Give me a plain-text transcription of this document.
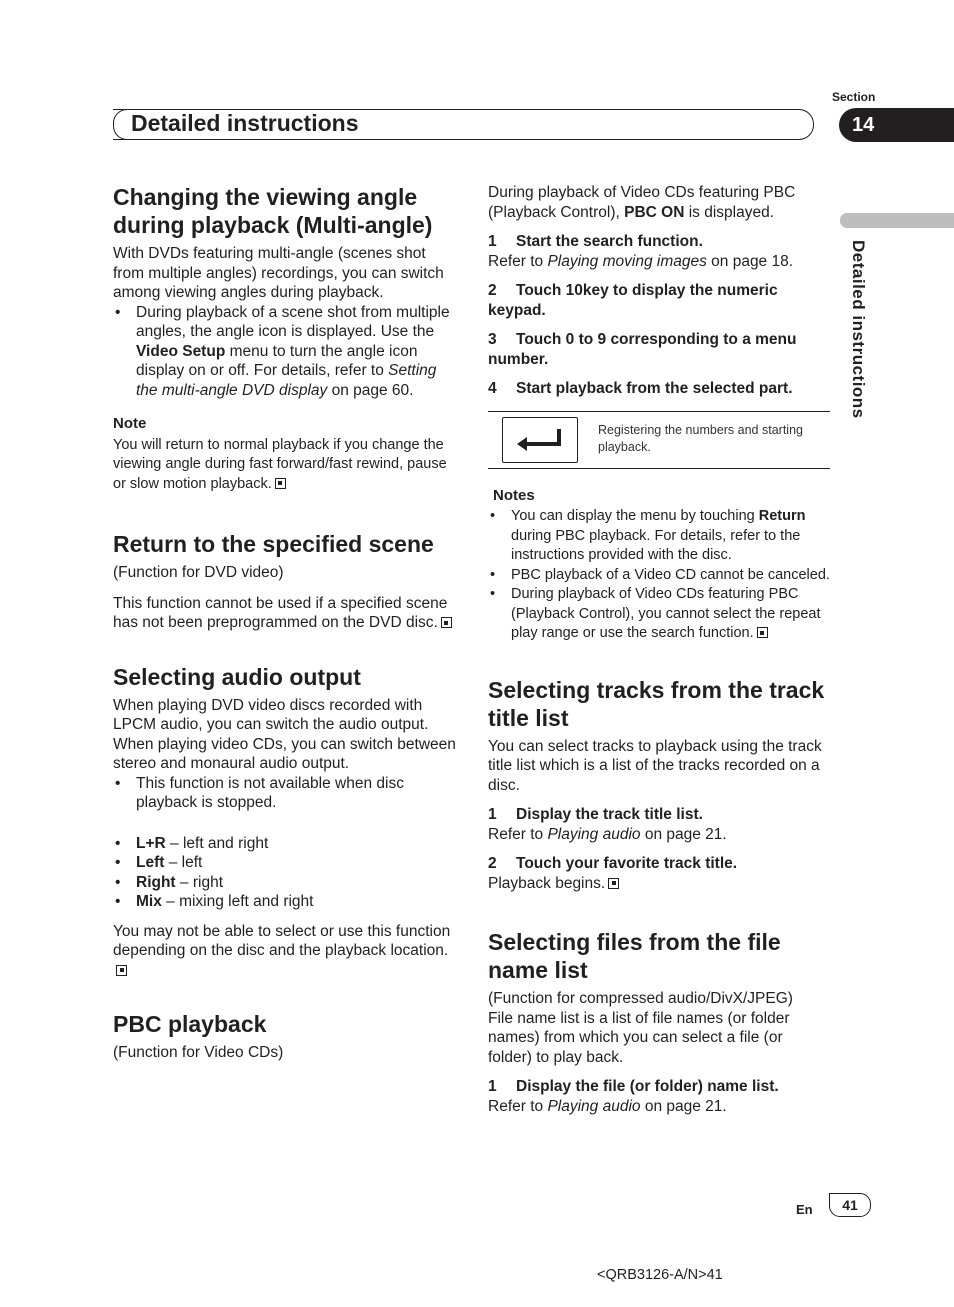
Section
Detailed instructions	14
Detailed instructions
Changing the viewing angle during playback (Multi-angle)

With DVDs featuring multi-angle (scenes shot from multiple angles) recordings, you can switch among viewing angles during playback.

• During playback of a scene shot from multiple angles, the angle icon is displayed. Use the Video Setup menu to turn the angle icon display on or off. For details, refer to Setting the multi-angle DVD display on page 60.

Note

You will return to normal playback if you change the viewing angle during fast forward/fast rewind, pause or slow motion playback.

Return to the specified scene

(Function for DVD video)

This function cannot be used if a specified scene has not been preprogrammed on the DVD disc.

Selecting audio output

When playing DVD video discs recorded with LPCM audio, you can switch the audio output. When playing video CDs, you can switch between stereo and monaural audio output.

• This function is not available when disc playback is stopped.

• L+R – left and right

• Left – left

• Right – right

• Mix – mixing left and right

You may not be able to select or use this function depending on the disc and the playback location.

PBC playback

(Function for Video CDs)

During playback of Video CDs featuring PBC (Playback Control), PBC ON is displayed.

1 Start the search function.

Refer to Playing moving images on page 18.

2 Touch 10key to display the numeric keypad.

3 Touch 0 to 9 corresponding to a menu number.

4 Start playback from the selected part.

Registering the numbers and starting playback.

Notes

• You can display the menu by touching Return during PBC playback. For details, refer to the instructions provided with the disc.

• PBC playback of a Video CD cannot be canceled.

• During playback of Video CDs featuring PBC (Playback Control), you cannot select the repeat play range or use the search function.

Selecting tracks from the track title list

You can select tracks to playback using the track title list which is a list of the tracks recorded on a disc.

1 Display the track title list.

Refer to Playing audio on page 21.

2 Touch your favorite track title.

Playback begins.

Selecting files from the file name list

(Function for compressed audio/DivX/JPEG)

File name list is a list of file names (or folder names) from which you can select a file (or folder) to play back.

1 Display the file (or folder) name list.

Refer to Playing audio on page 21.

En	41
<QRB3126-A/N>41
